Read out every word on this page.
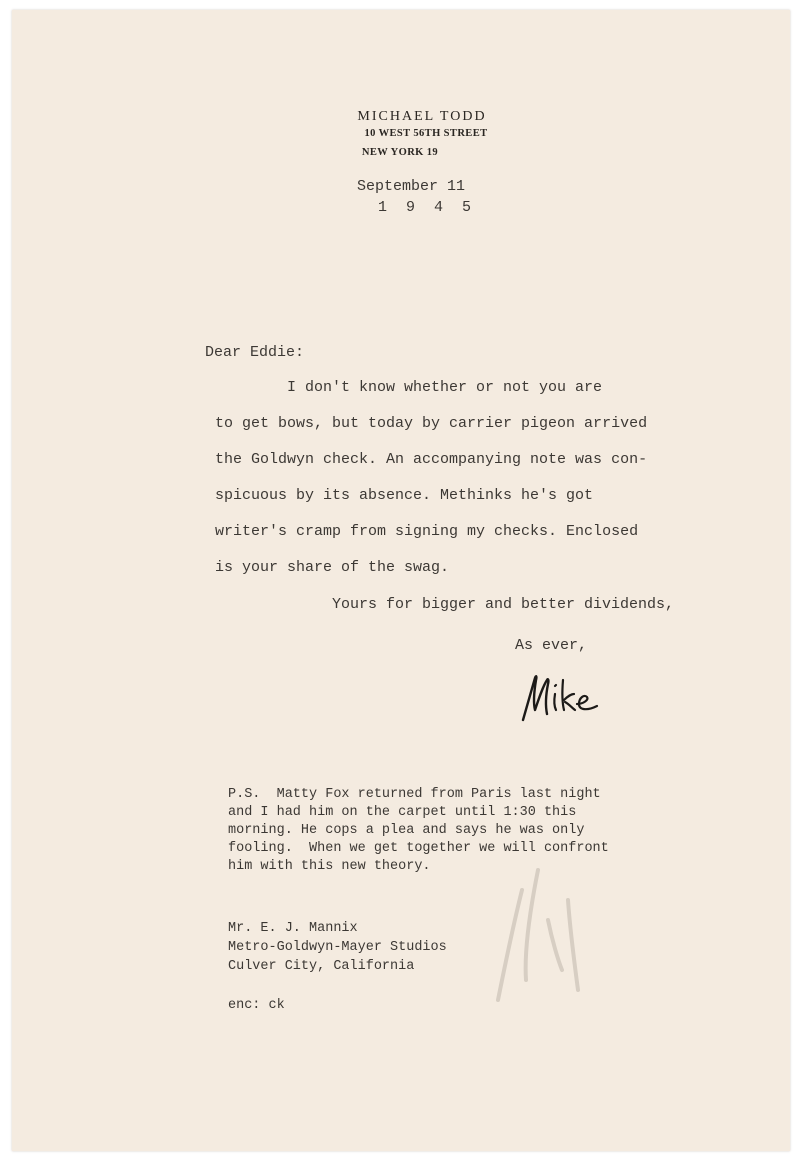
MICHAEL TODD
10 WEST 56TH STREET
NEW YORK 19
September 11
1 9 4 5
Dear Eddie:
I don't know whether or not you are
to get bows, but today by carrier pigeon arrived
the Goldwyn check. An accompanying note was con-
spicuous by its absence. Methinks he's got
writer's cramp from signing my checks. Enclosed
is your share of the swag.
Yours for bigger and better dividends,
As ever,
P.S.  Matty Fox returned from Paris last night
and I had him on the carpet until 1:30 this
morning. He cops a plea and says he was only
fooling.  When we get together we will confront
him with this new theory.
Mr. E. J. Mannix
Metro-Goldwyn-Mayer Studios
Culver City, California
enc: ck
